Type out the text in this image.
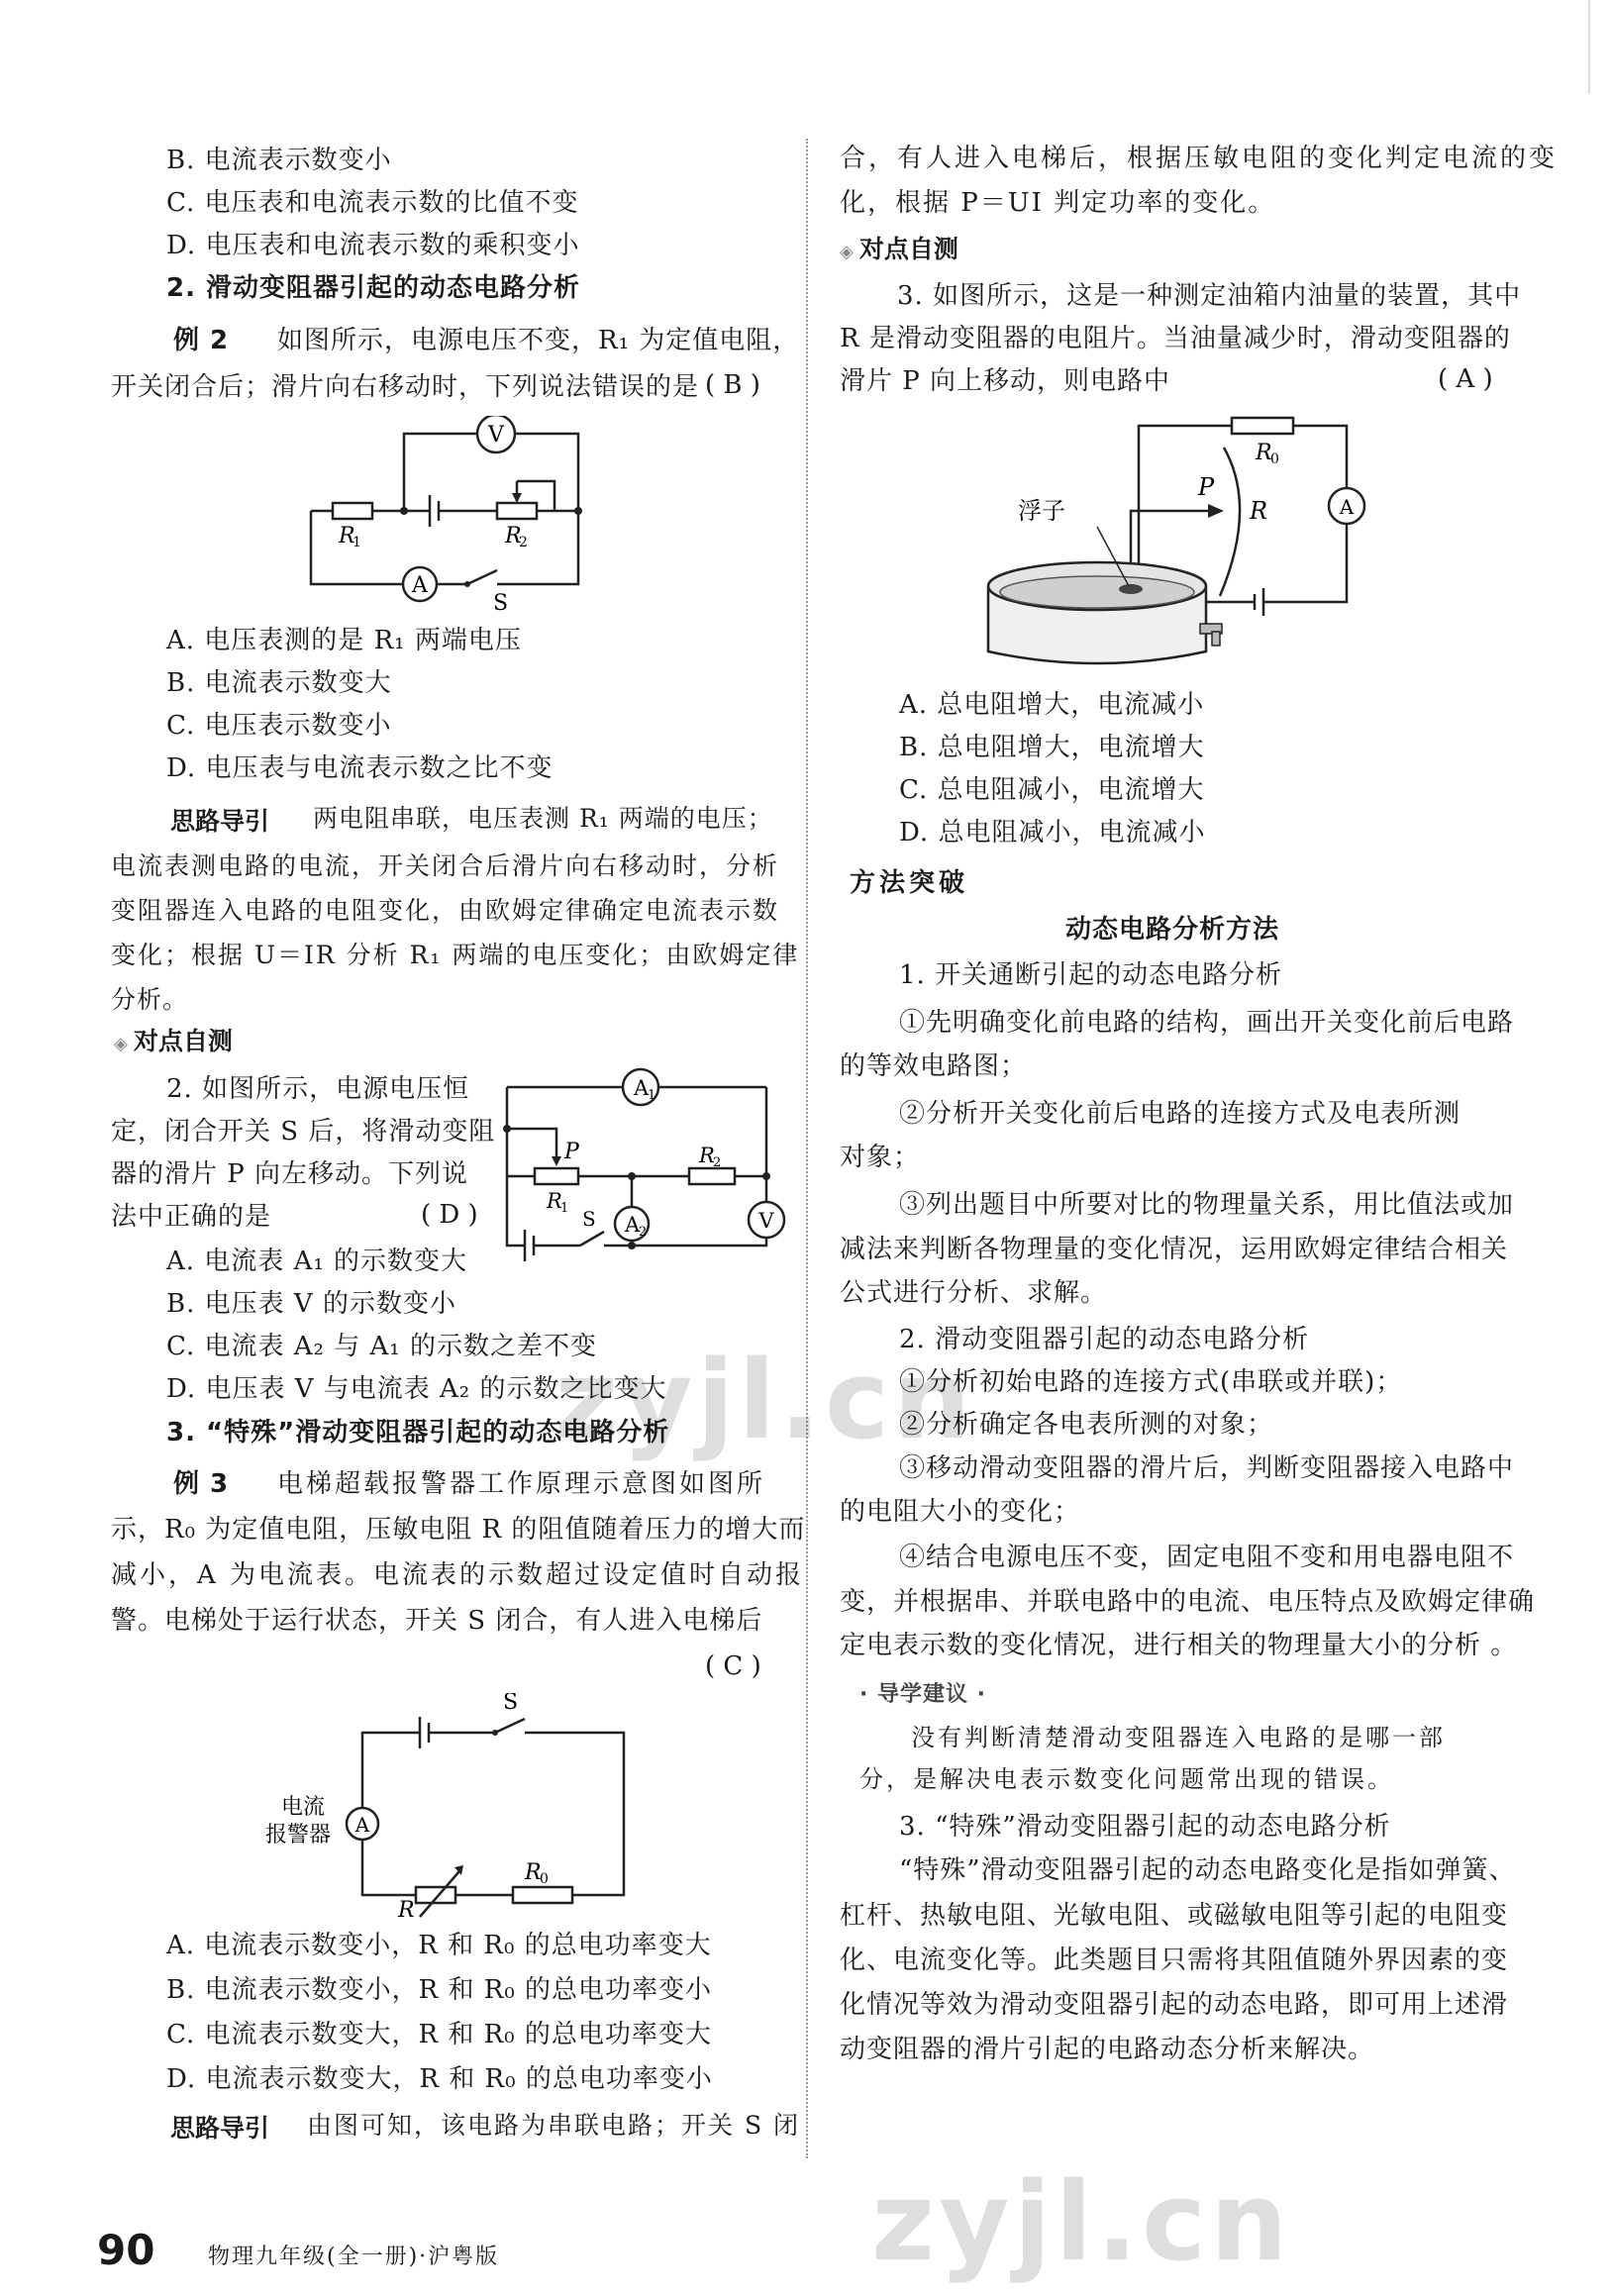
B. 电流表示数变小
C. 电压表和电流表示数的比值不变
D. 电压表和电流表示数的乘积变小
2. 滑动变阻器引起的动态电路分析
例 2 如图所示，电源电压不变，R₁ 为定值电阻，
开关闭合后；滑片向右移动时，下列说法错误的是 ( B )
V
A
R
1	R
2
S
A. 电压表测的是 R₁ 两端电压
B. 电流表示数变大
C. 电压表示数变小
D. 电压表与电流表示数之比不变
思路导引 两电阻串联，电压表测 R₁ 两端的电压；
电流表测电路的电流，开关闭合后滑片向右移动时，分析
变阻器连入电路的电阻变化，由欧姆定律确定电流表示数
变化；根据 U＝IR 分析 R₁ 两端的电压变化；由欧姆定律
分析。
◈ 对点自测
2. 如图所示，电源电压恒
定，闭合开关 S 后，将滑动变阻
器的滑片 P 向左移动。下列说
法中正确的是	( D )
A
1
A
2	V
P
R
1
R
2
S
A. 电流表 A₁ 的示数变大
B. 电压表 V 的示数变小
C. 电流表 A₂ 与 A₁ 的示数之差不变
D. 电压表 V 与电流表 A₂ 的示数之比变大
3. “特殊”滑动变阻器引起的动态电路分析
例 3 电梯超载报警器工作原理示意图如图所
示，R₀ 为定值电阻，压敏电阻 R 的阻值随着压力的增大而
减小，A 为电流表。电流表的示数超过设定值时自动报
警。电梯处于运行状态，开关 S 闭合，有人进入电梯后
( C )
A
S
电流
报警器
R
R
0
A. 电流表示数变小，R 和 R₀ 的总电功率变大
B. 电流表示数变小，R 和 R₀ 的总电功率变小
C. 电流表示数变大，R 和 R₀ 的总电功率变大
D. 电流表示数变大，R 和 R₀ 的总电功率变小
思路导引 由图可知，该电路为串联电路；开关 S 闭
合，有人进入电梯后，根据压敏电阻的变化判定电流的变
化，根据 P＝UI 判定功率的变化。
◈ 对点自测
3. 如图所示，这是一种测定油箱内油量的装置，其中
R 是滑动变阻器的电阻片。当油量减少时，滑动变阻器的
滑片 P 向上移动，则电路中	( A )
A
R
0
P
R
浮子
A. 总电阻增大，电流减小
B. 总电阻增大，电流增大
C. 总电阻减小，电流增大
D. 总电阻减小，电流减小
方法突破
动态电路分析方法
1. 开关通断引起的动态电路分析
①先明确变化前电路的结构，画出开关变化前后电路
的等效电路图；
②分析开关变化前后电路的连接方式及电表所测
对象；
③列出题目中所要对比的物理量关系，用比值法或加
减法来判断各物理量的变化情况，运用欧姆定律结合相关
公式进行分析、求解。
2. 滑动变阻器引起的动态电路分析
①分析初始电路的连接方式(串联或并联)；
②分析确定各电表所测的对象；
③移动滑动变阻器的滑片后，判断变阻器接入电路中
的电阻大小的变化；
④结合电源电压不变，固定电阻不变和用电器电阻不
变，并根据串、并联电路中的电流、电压特点及欧姆定律确
定电表示数的变化情况，进行相关的物理量大小的分析 。
· 导学建议 ·
没有判断清楚滑动变阻器连入电路的是哪一部
分，是解决电表示数变化问题常出现的错误。
3. “特殊”滑动变阻器引起的动态电路分析
“特殊”滑动变阻器引起的动态电路变化是指如弹簧、
杠杆、热敏电阻、光敏电阻、或磁敏电阻等引起的电阻变
化、电流变化等。此类题目只需将其阻值随外界因素的变
化情况等效为滑动变阻器引起的动态电路，即可用上述滑
动变阻器的滑片引起的电路动态分析来解决。
zyjl.cn
zyjl.cn
90 物理九年级(全一册)·沪粤版
